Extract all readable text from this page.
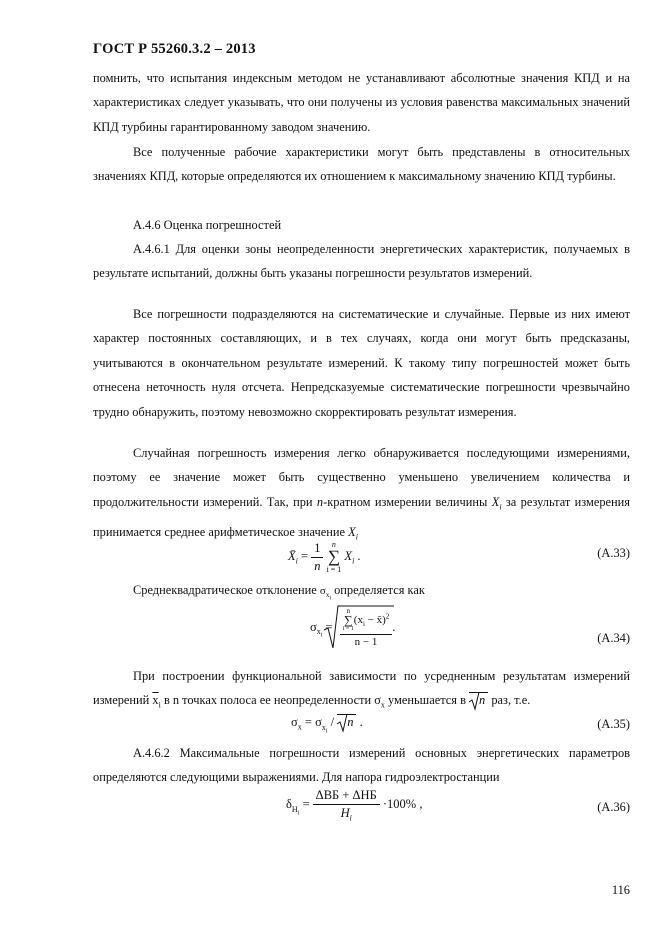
ГОСТ Р 55260.3.2 – 2013

помнить, что испытания индексным методом не устанавливают абсолютные значения КПД и на характеристиках следует указывать, что они получены из условия равенства максимальных значений КПД турбины гарантированному заводом значению.

Все полученные рабочие характеристики могут быть представлены в относительных значениях КПД, которые определяются их отношением к максимальному значению КПД турбины.

А.4.6 Оценка погрешностей

А.4.6.1 Для оценки зоны неопределенности энергетических характеристик, получаемых в результате испытаний, должны быть указаны погрешности результатов измерений.

Все погрешности подразделяются на систематические и случайные. Первые из них имеют характер постоянных составляющих, и в тех случаях, когда они могут быть предсказаны, учитываются в окончательном результате измерений. К такому типу погрешностей может быть отнесена неточность нуля отсчета. Непредсказуемые систематические погрешности чрезвычайно трудно обнаружить, поэтому невозможно скорректировать результат измерения.

Случайная погрешность измерения легко обнаруживается последующими измерениями, поэтому ее значение может быть существенно уменьшено увеличением количества и продолжительности измерений. Так, при n-кратном измерении величины $X_i$ за результат измерения принимается среднее арифметическое значение $X_i$

$X̄_i = \frac{1}{n}$
	n
∑
i = 1
$X_i$ .	(А.33)

Среднеквадратическое отклонение $\sigma_{x_i}$ определяется как

$\sigma_{x_i} = n$
∑
i = 1
($x_i$ − x̄)$^2$
n − 1 .
(А.34)

При построении функциональной зависимости по усредненным результатам измерений

измерений $\overline{x}_i$ в n точках полоса ее неопределенности $\sigma_x$ уменьшается в n раз, т.е.
$\sigma_x = \sigma_{x_i} / n$ .	(А.35)

А.4.6.2 Максимальные погрешности измерений основных энергетических параметров определяются следующими выражениями. Для напора гидроэлектростанции

$\delta_{H_i} = \frac{\text{ΔВБ + ΔНБ}}{H_i} \cdot 100\%$ ,	(А.36)
116
